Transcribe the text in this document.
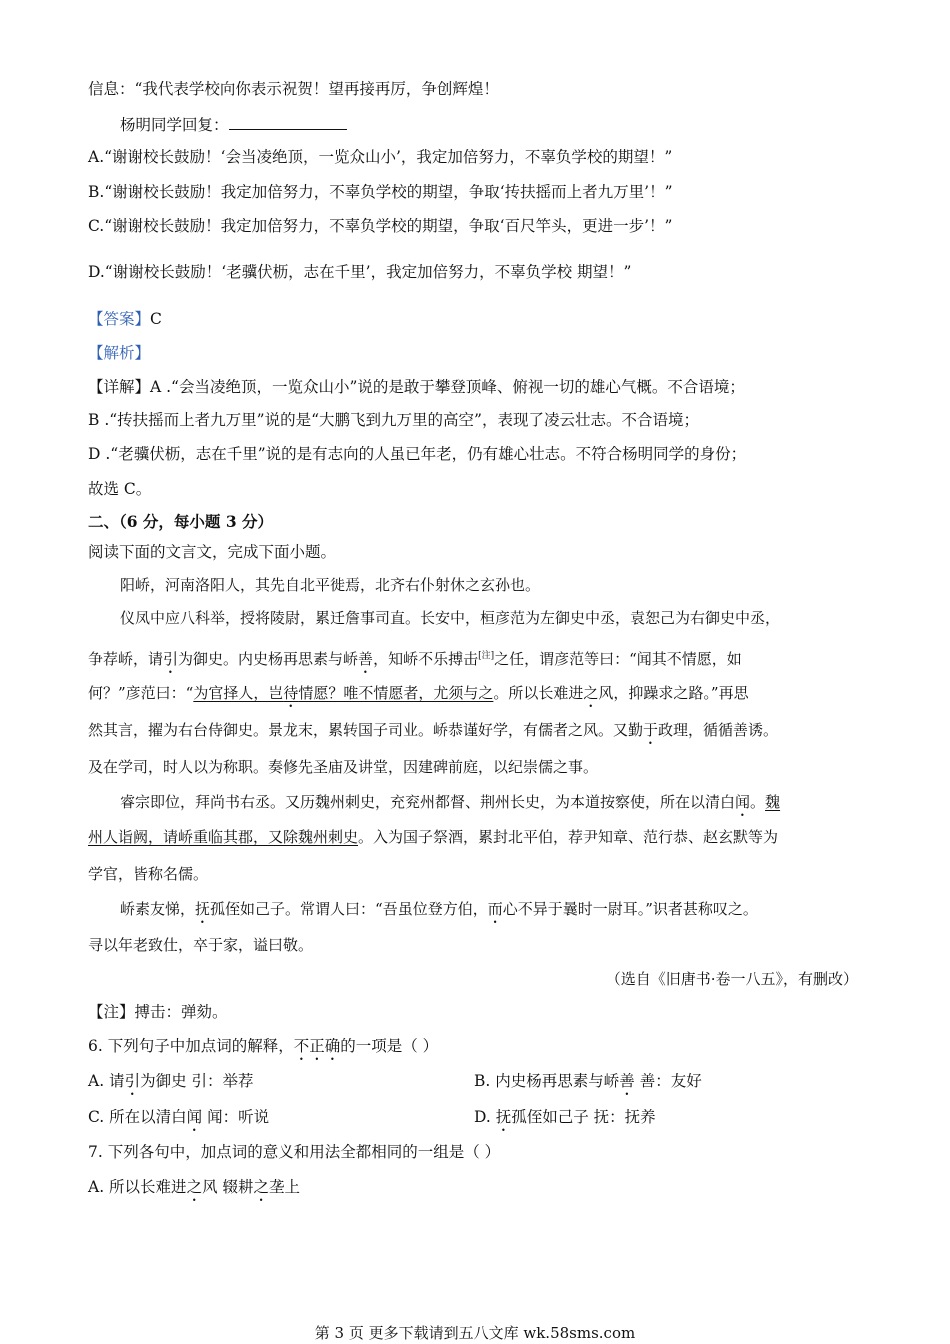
信息：“我代表学校向你表示祝贺！望再接再厉，争创辉煌！
杨明同学回复：
A.“谢谢校长鼓励！‘会当凌绝顶，一览众山小’，我定加倍努力，不辜负学校的期望！”
B.“谢谢校长鼓励！我定加倍努力，不辜负学校的期望，争取‘抟扶摇而上者九万里’！”
C.“谢谢校长鼓励！我定加倍努力，不辜负学校的期望，争取‘百尺竿头，更进一步’！”
D.“谢谢校长鼓励！‘老骥伏枥，志在千里’，我定加倍努力，不辜负学校 期望！”
【答案】C
【解析】
【详解】A .“会当凌绝顶，一览众山小”说的是敢于攀登顶峰、俯视一切的雄心气概。不合语境；
B .“抟扶摇而上者九万里”说的是“大鹏飞到九万里的高空”，表现了凌云壮志。不合语境；
D .“老骥伏枥，志在千里”说的是有志向的人虽已年老，仍有雄心壮志。不符合杨明同学的身份；
故选 C。
二、（6 分，每小题 3 分）
阅读下面的文言文，完成下面小题。
阳峤，河南洛阳人，其先自北平徙焉，北齐右仆射休之玄孙也。
仪凤中应八科举，授将陵尉，累迁詹事司直。长安中，桓彦范为左御史中丞，袁恕己为右御史中丞，
争荐峤，请引为御史。内史杨再思素与峤善，知峤不乐搏击[注]之任，谓彦范等曰：“闻其不情愿，如
何？”彦范曰：“为官择人，岂待情愿？唯不情愿者，尤须与之。所以长难进之风，抑躁求之路。”再思
然其言，擢为右台侍御史。景龙末，累转国子司业。峤恭谨好学，有儒者之风。又勤于政理，循循善诱。
及在学司，时人以为称职。奏修先圣庙及讲堂，因建碑前庭，以纪崇儒之事。
睿宗即位，拜尚书右丞。又历魏州刺史，充兖州都督、荆州长史，为本道按察使，所在以清白闻。魏
州人诣阙，请峤重临其郡，又除魏州刺史。入为国子祭酒，累封北平伯，荐尹知章、范行恭、赵玄默等为
学官，皆称名儒。
峤素友悌，抚孤侄如己子。常谓人曰：“吾虽位登方伯，而心不异于曩时一尉耳。”识者甚称叹之。
寻以年老致仕，卒于家，谥曰敬。
（选自《旧唐书·卷一八五》，有删改）
【注】搏击：弹劾。
6. 下列句子中加点词的解释，不正确的一项是（ ）
A. 请引为御史 引：举荐	B. 内史杨再思素与峤善 善：友好
C. 所在以清白闻 闻：听说	D. 抚孤侄如己子 抚：抚养
7. 下列各句中，加点词的意义和用法全都相同的一组是（ ）
A. 所以长难进之风 辍耕之垄上
第 3 页 更多下载请到五八文库 wk.58sms.com
